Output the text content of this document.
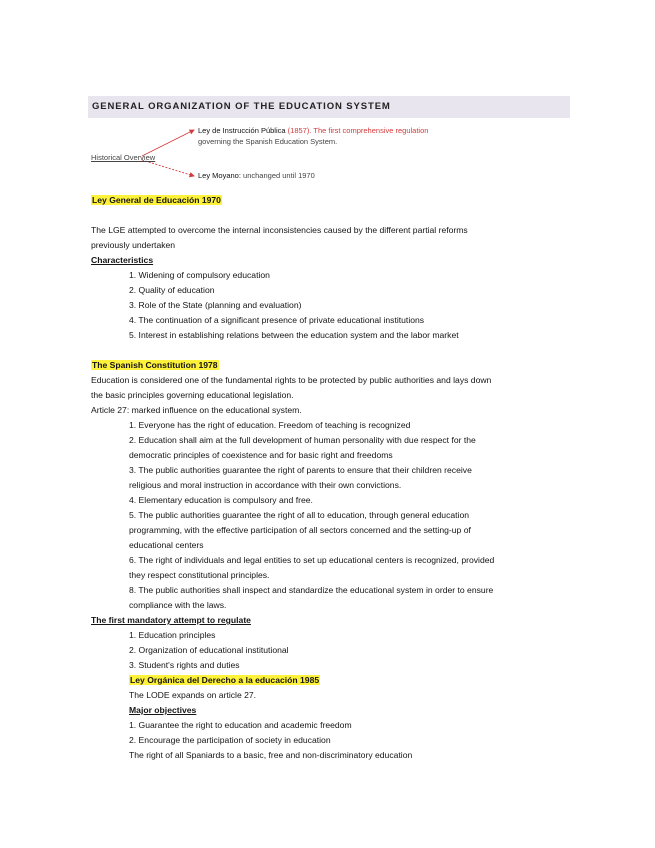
GENERAL ORGANIZATION OF THE EDUCATION SYSTEM
Historical Overview
Ley de Instrucción Pública (1857). The first comprehensive regulation
governing the Spanish Education System.
Ley Moyano: unchanged until 1970
Ley General de Educación 1970
The LGE attempted to overcome the internal inconsistencies caused by the different partial reforms
previously undertaken
Characteristics
1. Widening of compulsory education
2. Quality of education
3. Role of the State (planning and evaluation)
4. The continuation of a significant presence of private educational institutions
5. Interest in establishing relations between the education system and the labor market
The Spanish Constitution 1978
Education is considered one of the fundamental rights to be protected by public authorities and lays down
the basic principles governing educational legislation.
Article 27: marked influence on the educational system.
1. Everyone has the right of education. Freedom of teaching is recognized
2. Education shall aim at the full development of human personality with due respect for the
democratic principles of coexistence and for basic right and freedoms
3. The public authorities guarantee the right of parents to ensure that their children receive
religious and moral instruction in accordance with their own convictions.
4. Elementary education is compulsory and free.
5. The public authorities guarantee the right of all to education, through general education
programming, with the effective participation of all sectors concerned and the setting-up of
educational centers
6. The right of individuals and legal entities to set up educational centers is recognized, provided
they respect constitutional principles.
8. The public authorities shall inspect and standardize the educational system in order to ensure
compliance with the laws.
The first mandatory attempt to regulate
1. Education principles
2. Organization of educational institutional
3. Student's rights and duties
Ley Orgánica del Derecho a la educación 1985
The LODE expands on article 27.
Major objectives
1. Guarantee the right to education and academic freedom
2. Encourage the participation of society in education
The right of all Spaniards to a basic, free and non-discriminatory education
